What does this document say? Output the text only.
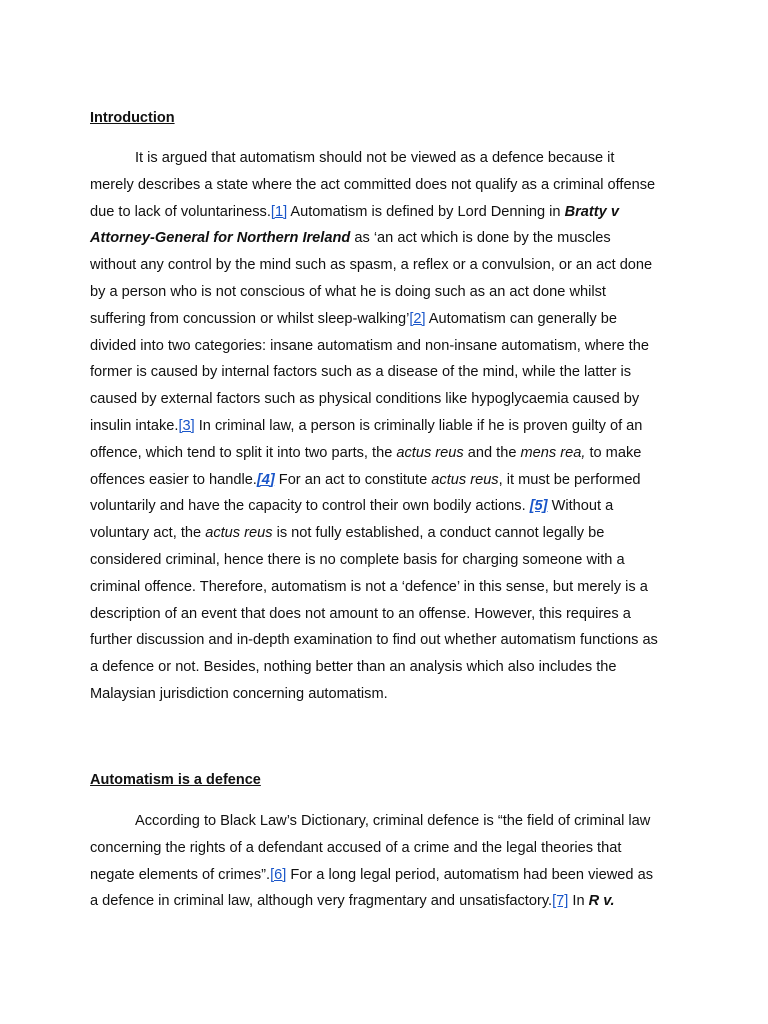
Introduction
It is argued that automatism should not be viewed as a defence because it
merely describes a state where the act committed does not qualify as a criminal offense
due to lack of voluntariness.[1] Automatism is defined by Lord Denning in Bratty v
Attorney-General for Northern Ireland as ‘an act which is done by the muscles
without any control by the mind such as spasm, a reflex or a convulsion, or an act done
by a person who is not conscious of what he is doing such as an act done whilst
suffering from concussion or whilst sleep-walking’[2] Automatism can generally be
divided into two categories: insane automatism and non-insane automatism, where the
former is caused by internal factors such as a disease of the mind, while the latter is
caused by external factors such as physical conditions like hypoglycaemia caused by
insulin intake.[3] In criminal law, a person is criminally liable if he is proven guilty of an
offence, which tend to split it into two parts, the actus reus and the mens rea, to make
offences easier to handle.[4] For an act to constitute actus reus, it must be performed
voluntarily and have the capacity to control their own bodily actions. [5] Without a
voluntary act, the actus reus is not fully established, a conduct cannot legally be
considered criminal, hence there is no complete basis for charging someone with a
criminal offence. Therefore, automatism is not a ‘defence’ in this sense, but merely is a
description of an event that does not amount to an offense. However, this requires a
further discussion and in-depth examination to find out whether automatism functions as
a defence or not. Besides, nothing better than an analysis which also includes the
Malaysian jurisdiction concerning automatism.
Automatism is a defence
According to Black Law’s Dictionary, criminal defence is “the field of criminal law
concerning the rights of a defendant accused of a crime and the legal theories that
negate elements of crimes”.[6] For a long legal period, automatism had been viewed as
a defence in criminal law, although very fragmentary and unsatisfactory.[7] In R v.
